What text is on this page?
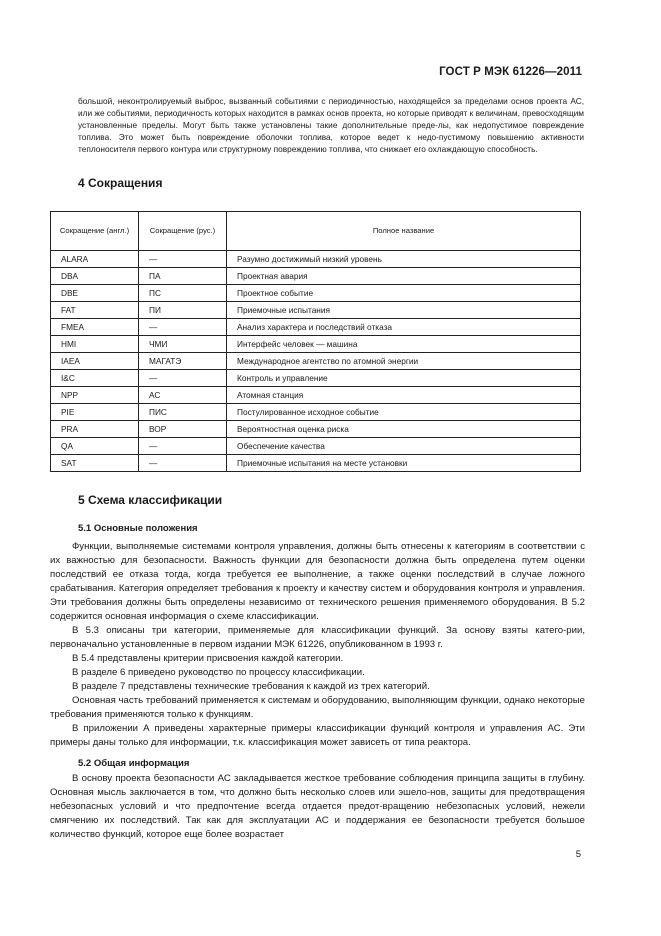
ГОСТ Р МЭК 61226—2011

большой, неконтролируемый выброс, вызванный событиями с периодичностью, находящейся за пределами основ проекта АС, или же событиями, периодичность которых находится в рамках основ проекта, но которые приводят к величинам, превосходящим установленные пределы. Могут быть также установлены такие дополнительные преде-лы, как недопустимое повреждение топлива. Это может быть повреждение оболочки топлива, которое ведет к недо-пустимому повышению активности теплоносителя первого контура или структурному повреждению топлива, что снижает его охлаждающую способность.

4 Сокращения
Сокращение (англ.)	Сокращение (рус.)	Полное название
ALARA	—	Разумно достижимый низкий уровень
DBA	ПА	Проектная авария
DBE	ПС	Проектное событие
FAT	ПИ	Приемочные испытания
FMEA	—	Анализ характера и последствий отказа
HMI	ЧМИ	Интерфейс человек — машина
IAEA	МАГАТЭ	Международное агентство по атомной энергии
I&C	—	Контроль и управление
NPP	АС	Атомная станция
PIE	ПИС	Постулированное исходное событие
PRA	ВОР	Вероятностная оценка риска
QA	—	Обеспечение качества
SAT	—	Приемочные испытания на месте установки
5 Схема классификации
5.1 Основные положения

Функции, выполняемые системами контроля управления, должны быть отнесены к категориям в соответствии с их важностью для безопасности. Важность функции для безопасности должна быть определена путем оценки последствий ее отказа тогда, когда требуется ее выполнение, а также оценки последствий в случае ложного срабатывания. Категория определяет требования к проекту и качеству систем и оборудования контроля и управления. Эти требования должны быть определены независимо от технического решения применяемого оборудования. В 5.2 содержится основная информация о схеме классификации.

В 5.3 описаны три категории, применяемые для классификации функций. За основу взяты катего-рии, первоначально установленные в первом издании МЭК 61226, опубликованном в 1993 г.

В 5.4 представлены критерии присвоения каждой категории.

В разделе 6 приведено руководство по процессу классификации.

В разделе 7 представлены технические требования к каждой из трех категорий.

Основная часть требований применяется к системам и оборудованию, выполняющим функции, однако некоторые требования применяются только к функциям.

В приложении А приведены характерные примеры классификации функций контроля и управления АС. Эти примеры даны только для информации, т.к. классификация может зависеть от типа реактора.

5.2 Общая информация

В основу проекта безопасности АС закладывается жесткое требование соблюдения принципа защиты в глубину. Основная мысль заключается в том, что должно быть несколько слоев или эшело-нов, защиты для предотвращения небезопасных условий и что предпочтение всегда отдается предот-вращению небезопасных условий, нежели смягчению их последствий. Так как для эксплуатации АС и поддержания ее безопасности требуется большое количество функций, которое еще более возрастает

5
